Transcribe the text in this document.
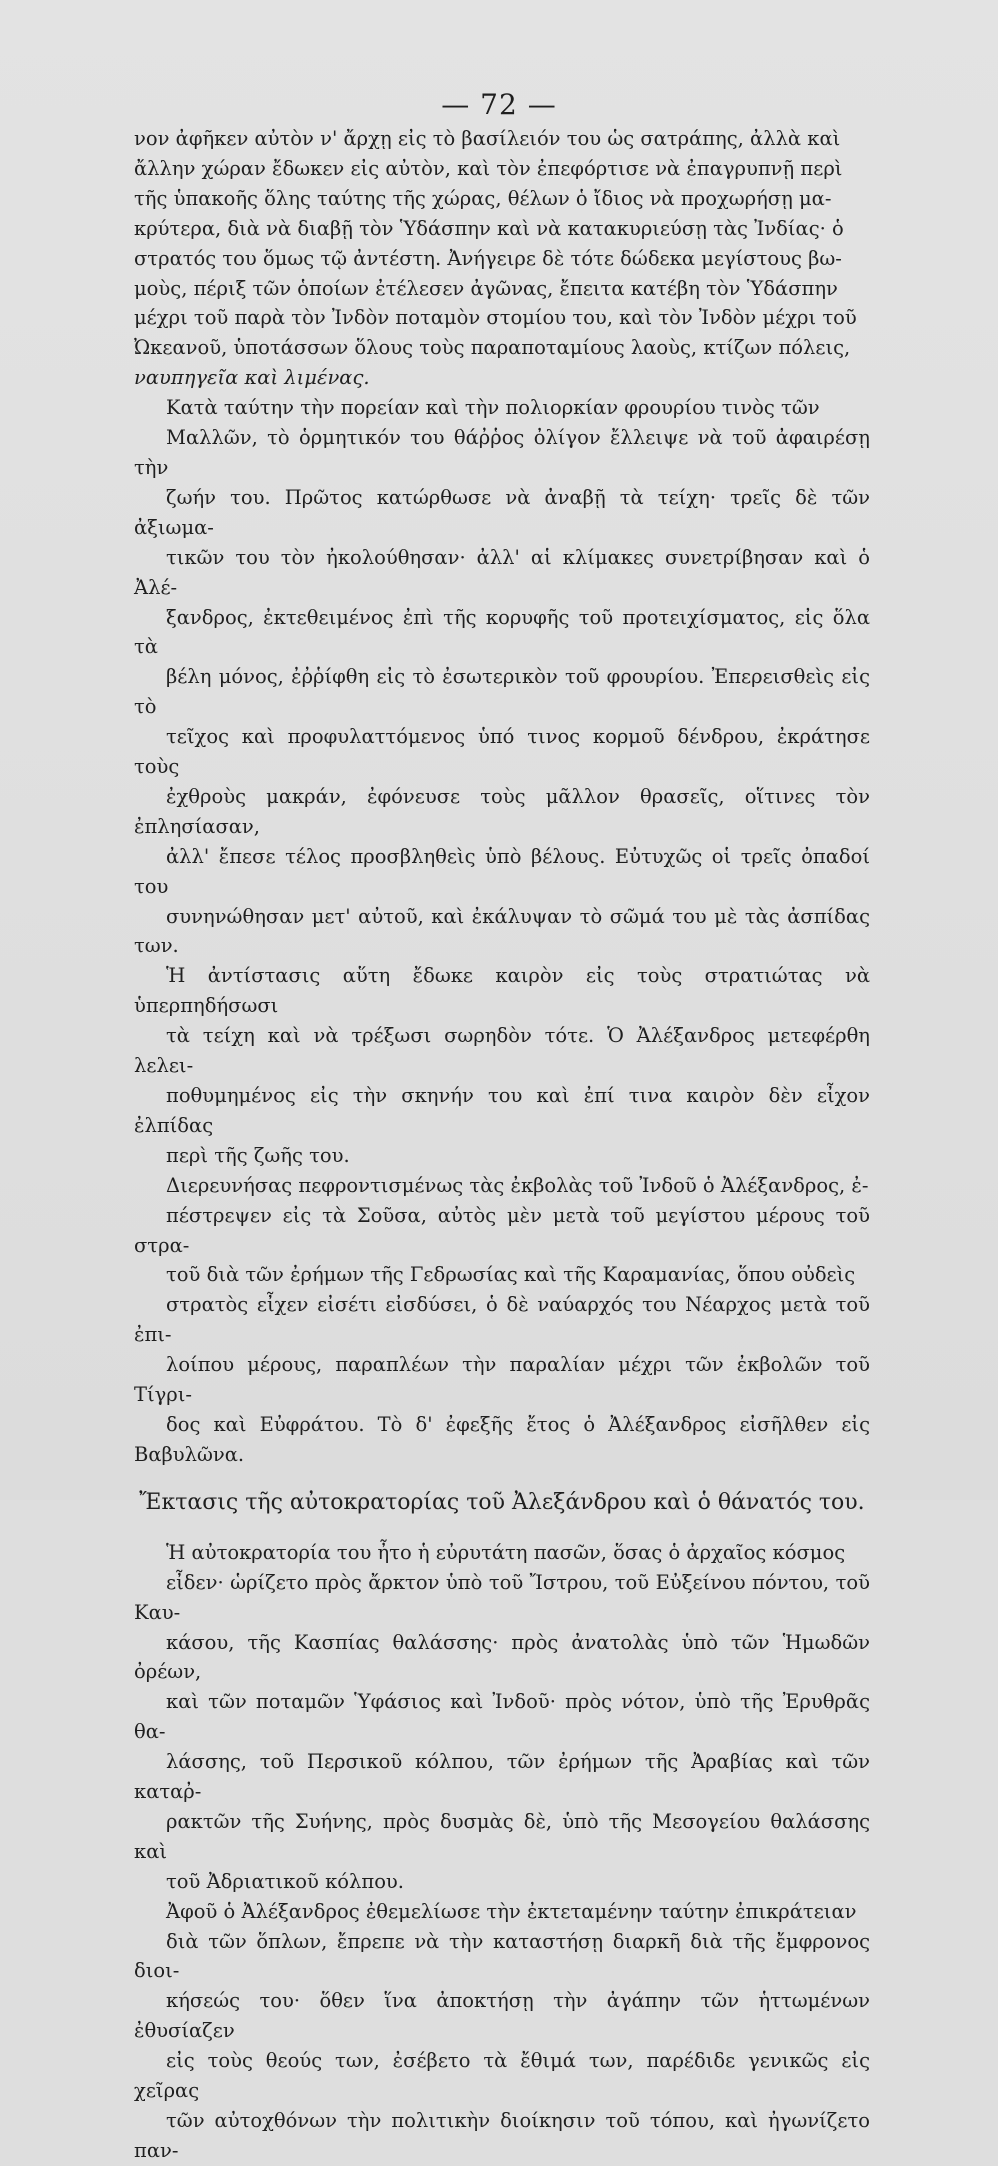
— 72 —

νον ἀφῆκεν αὐτὸν ν' ἄρχῃ εἰς τὸ βασίλειόν του ὡς σατράπης, ἀλλὰ καὶ
ἄλλην χώραν ἔδωκεν εἰς αὐτὸν, καὶ τὸν ἐπεφόρτισε νὰ ἐπαγρυπνῇ περὶ
τῆς ὑπακοῆς ὅλης ταύτης τῆς χώρας, θέλων ὁ ἴδιος νὰ προχωρήσῃ μα-
κρύτερα, διὰ νὰ διαβῇ τὸν Ὑδάσπην καὶ νὰ κατακυριεύσῃ τὰς Ἰνδίας· ὁ
στρατός του ὅμως τῷ ἀντέστη. Ἀνήγειρε δὲ τότε δώδεκα μεγίστους βω-
μοὺς, πέριξ τῶν ὁποίων ἐτέλεσεν ἀγῶνας, ἔπειτα κατέβη τὸν Ὑδάσπην
μέχρι τοῦ παρὰ τὸν Ἰνδὸν ποταμὸν στομίου του, καὶ τὸν Ἰνδὸν μέχρι τοῦ
Ὠκεανοῦ, ὑποτάσσων ὅλους τοὺς παραποταμίους λαοὺς, κτίζων πόλεις,
ναυπηγεῖα καὶ λιμένας.

Κατὰ ταύτην τὴν πορείαν καὶ τὴν πολιορκίαν φρουρίου τινὸς τῶν
Μαλλῶν, τὸ ὁρμητικόν του θάῤῥος ὀλίγον ἔλλειψε νὰ τοῦ ἀφαιρέσῃ τὴν
ζωήν του. Πρῶτος κατώρθωσε νὰ ἀναβῇ τὰ τείχη· τρεῖς δὲ τῶν ἀξιωμα-
τικῶν του τὸν ἠκολούθησαν· ἀλλ' αἱ κλίμακες συνετρίβησαν καὶ ὁ Ἀλέ-
ξανδρος, ἐκτεθειμένος ἐπὶ τῆς κορυφῆς τοῦ προτειχίσματος, εἰς ὅλα τὰ
βέλη μόνος, ἐῤῥίφθη εἰς τὸ ἐσωτερικὸν τοῦ φρουρίου. Ἐπερεισθεὶς εἰς τὸ
τεῖχος καὶ προφυλαττόμενος ὑπό τινος κορμοῦ δένδρου, ἐκράτησε τοὺς
ἐχθροὺς μακράν, ἐφόνευσε τοὺς μᾶλλον θρασεῖς, οἵτινες τὸν ἐπλησίασαν,
ἀλλ' ἔπεσε τέλος προσβληθεὶς ὑπὸ βέλους. Εὐτυχῶς οἱ τρεῖς ὀπαδοί του
συνηνώθησαν μετ' αὐτοῦ, καὶ ἐκάλυψαν τὸ σῶμά του μὲ τὰς ἀσπίδας των.
Ἡ ἀντίστασις αὕτη ἔδωκε καιρὸν εἰς τοὺς στρατιώτας νὰ ὑπερπηδήσωσι
τὰ τείχη καὶ νὰ τρέξωσι σωρηδὸν τότε. Ὁ Ἀλέξανδρος μετεφέρθη λελει-
ποθυμημένος εἰς τὴν σκηνήν του καὶ ἐπί τινα καιρὸν δὲν εἶχον ἐλπίδας
περὶ τῆς ζωῆς του.

Διερευνήσας πεφροντισμένως τὰς ἐκβολὰς τοῦ Ἰνδοῦ ὁ Ἀλέξανδρος, ἐ-
πέστρεψεν εἰς τὰ Σοῦσα, αὐτὸς μὲν μετὰ τοῦ μεγίστου μέρους τοῦ στρα-
τοῦ διὰ τῶν ἐρήμων τῆς Γεδρωσίας καὶ τῆς Καραμανίας, ὅπου οὐδεὶς
στρατὸς εἶχεν εἰσέτι εἰσδύσει, ὁ δὲ ναύαρχός του Νέαρχος μετὰ τοῦ ἐπι-
λοίπου μέρους, παραπλέων τὴν παραλίαν μέχρι τῶν ἐκβολῶν τοῦ Τίγρι-
δος καὶ Εὐφράτου. Τὸ δ' ἐφεξῆς ἔτος ὁ Ἀλέξανδρος εἰσῆλθεν εἰς Βαβυλῶνα.

Ἔκτασις τῆς αὐτοκρατορίας τοῦ Ἀλεξάνδρου καὶ ὁ θάνατός του.

Ἡ αὐτοκρατορία του ἦτο ἡ εὐρυτάτη πασῶν, ὅσας ὁ ἀρχαῖος κόσμος
εἶδεν· ὡρίζετο πρὸς ἄρκτον ὑπὸ τοῦ Ἴστρου, τοῦ Εὐξείνου πόντου, τοῦ Καυ-
κάσου, τῆς Κασπίας θαλάσσης· πρὸς ἀνατολὰς ὑπὸ τῶν Ἡμωδῶν ὀρέων,
καὶ τῶν ποταμῶν Ὑφάσιος καὶ Ἰνδοῦ· πρὸς νότον, ὑπὸ τῆς Ἐρυθρᾶς θα-
λάσσης, τοῦ Περσικοῦ κόλπου, τῶν ἐρήμων τῆς Ἀραβίας καὶ τῶν καταῤ-
ρακτῶν τῆς Συήνης, πρὸς δυσμὰς δὲ, ὑπὸ τῆς Μεσογείου θαλάσσης καὶ
τοῦ Ἀδριατικοῦ κόλπου.

Ἀφοῦ ὁ Ἀλέξανδρος ἐθεμελίωσε τὴν ἐκτεταμένην ταύτην ἐπικράτειαν
διὰ τῶν ὅπλων, ἔπρεπε νὰ τὴν καταστήσῃ διαρκῆ διὰ τῆς ἔμφρονος διοι-
κήσεώς του· ὅθεν ἵνα ἀποκτήσῃ τὴν ἀγάπην τῶν ἡττωμένων ἐθυσίαζεν
εἰς τοὺς θεούς των, ἐσέβετο τὰ ἔθιμά των, παρέδιδε γενικῶς εἰς χεῖρας
τῶν αὐτοχθόνων τὴν πολιτικὴν διοίκησιν τοῦ τόπου, καὶ ἠγωνίζετο παν-
